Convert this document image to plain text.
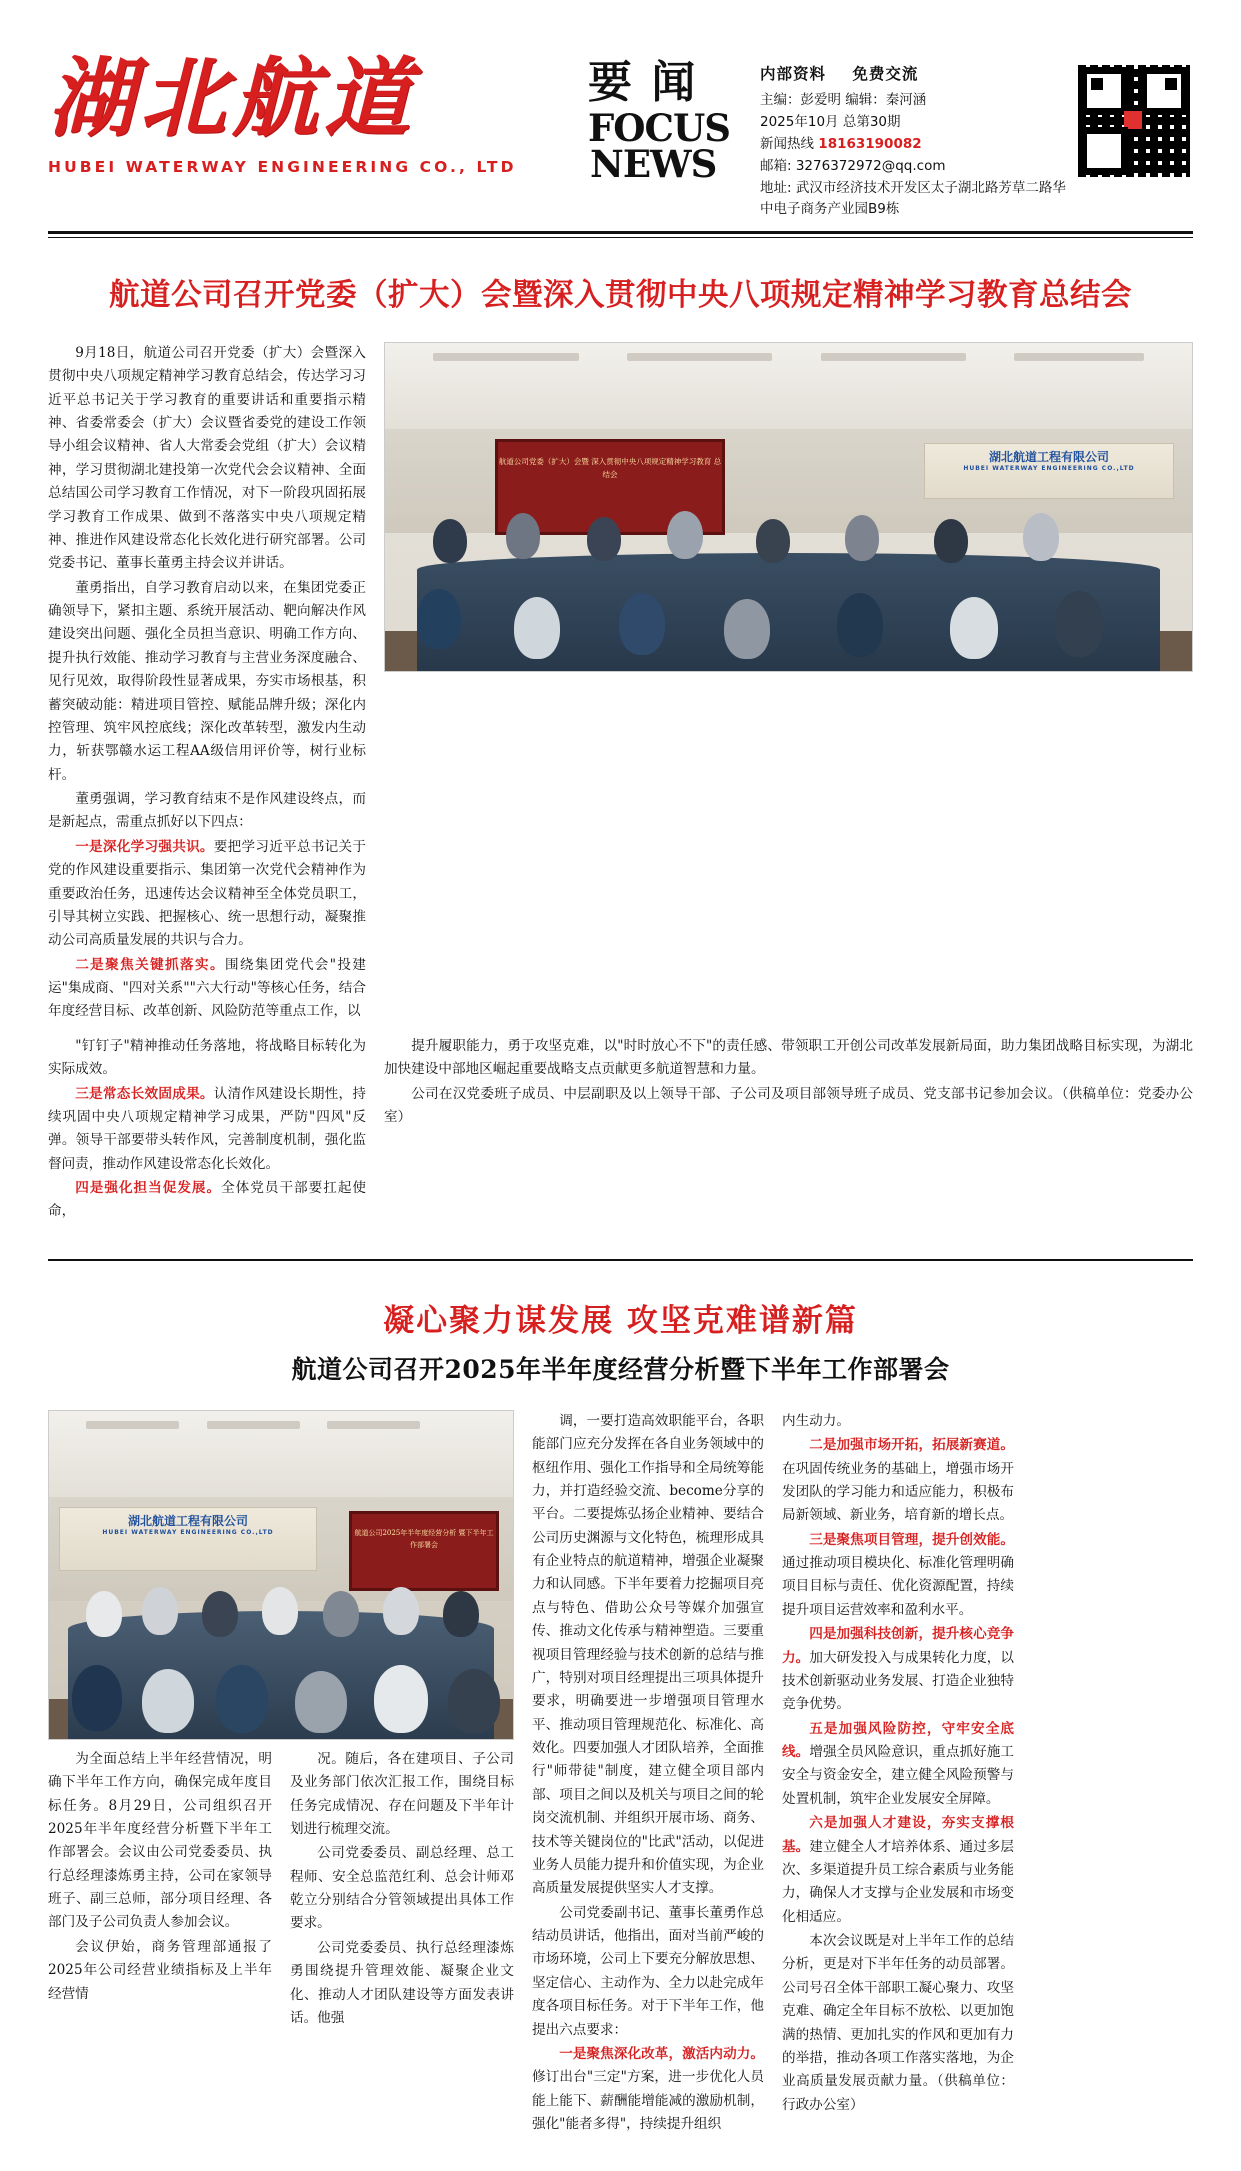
湖北航道
HUBEI WATERWAY ENGINEERING CO., LTD
要 闻
FOCUS
NEWS
内部资料 免费交流
主编：彭爱明 编辑：秦河涵
2025年10月 总第30期
新闻热线 18163190082
邮箱: 3276372972@qq.com
地址: 武汉市经济技术开发区太子湖北路芳草二路华中电子商务产业园B9栋
航道公司召开党委（扩大）会暨深入贯彻中央八项规定精神学习教育总结会

9月18日，航道公司召开党委（扩大）会暨深入贯彻中央八项规定精神学习教育总结会，传达学习习近平总书记关于学习教育的重要讲话和重要指示精神、省委常委会（扩大）会议暨省委党的建设工作领导小组会议精神、省人大常委会党组（扩大）会议精神，学习贯彻湖北建投第一次党代会会议精神、全面总结国公司学习教育工作情况，对下一阶段巩固拓展学习教育工作成果、做到不落落实中央八项规定精神、推进作风建设常态化长效化进行研究部署。公司党委书记、董事长董勇主持会议并讲话。

董勇指出，自学习教育启动以来，在集团党委正确领导下，紧扣主题、系统开展活动、靶向解决作风建设突出问题、强化全员担当意识、明确工作方向、提升执行效能、推动学习教育与主营业务深度融合、见行见效，取得阶段性显著成果，夯实市场根基，积蓄突破动能：精进项目管控、赋能品牌升级；深化内控管理、筑牢风控底线；深化改革转型，激发内生动力，斩获鄂赣水运工程AA级信用评价等，树行业标杆。

董勇强调，学习教育结束不是作风建设终点，而是新起点，需重点抓好以下四点：

一是深化学习强共识。要把学习近平总书记关于党的作风建设重要指示、集团第一次党代会精神作为重要政治任务，迅速传达会议精神至全体党员职工，引导其树立实践、把握核心、统一思想行动，凝聚推动公司高质量发展的共识与合力。

二是聚焦关键抓落实。围绕集团党代会"投建运"集成商、"四对关系""六大行动"等核心任务，结合年度经营目标、改革创新、风险防范等重点工作，以

航道公司党委（扩大）会暨 深入贯彻中央八项规定精神学习教育 总结会
湖北航道工程有限公司
HUBEI WATERWAY ENGINEERING CO.,LTD

"钉钉子"精神推动任务落地，将战略目标转化为实际成效。

三是常态长效固成果。认清作风建设长期性，持续巩固中央八项规定精神学习成果，严防"四风"反弹。领导干部要带头转作风，完善制度机制，强化监督问责，推动作风建设常态化长效化。

四是强化担当促发展。全体党员干部要扛起使命，

提升履职能力，勇于攻坚克难，以"时时放心不下"的责任感、带领职工开创公司改革发展新局面，助力集团战略目标实现，为湖北加快建设中部地区崛起重要战略支点贡献更多航道智慧和力量。

公司在汉党委班子成员、中层副职及以上领导干部、子公司及项目部领导班子成员、党支部书记参加会议。（供稿单位：党委办公室）

凝心聚力谋发展 攻坚克难谱新篇
航道公司召开2025年半年度经营分析暨下半年工作部署会
湖北航道工程有限公司
HUBEI WATERWAY ENGINEERING CO.,LTD	航道公司2025年半年度经营分析 暨下半年工作部署会

为全面总结上半年经营情况，明确下半年工作方向，确保完成年度目标任务。8月29日，公司组织召开2025年半年度经营分析暨下半年工作部署会。会议由公司党委委员、执行总经理漆炼勇主持，公司在家领导班子、副三总师，部分项目经理、各部门及子公司负责人参加会议。

会议伊始，商务管理部通报了2025年公司经营业绩指标及上半年经营情

况。随后，各在建项目、子公司及业务部门依次汇报工作，围绕目标任务完成情况、存在问题及下半年计划进行梳理交流。

公司党委委员、副总经理、总工程师、安全总监范红利、总会计师邓乾立分别结合分管领域提出具体工作要求。

公司党委委员、执行总经理漆炼勇围绕提升管理效能、凝聚企业文化、推动人才团队建设等方面发表讲话。他强

调，一要打造高效职能平台，各职能部门应充分发挥在各自业务领域中的枢纽作用、强化工作指导和全局统筹能力，并打造经验交流、become分享的平台。二要提炼弘扬企业精神、要结合公司历史渊源与文化特色，梳理形成具有企业特点的航道精神，增强企业凝聚力和认同感。下半年要着力挖掘项目亮点与特色、借助公众号等媒介加强宣传、推动文化传承与精神塑造。三要重视项目管理经验与技术创新的总结与推广，特别对项目经理提出三项具体提升要求，明确要进一步增强项目管理水平、推动项目管理规范化、标准化、高效化。四要加强人才团队培养，全面推行"师带徒"制度，建立健全项目部内部、项目之间以及机关与项目之间的轮岗交流机制、并组织开展市场、商务、技术等关键岗位的"比武"活动，以促进业务人员能力提升和价值实现，为企业高质量发展提供坚实人才支撑。

公司党委副书记、董事长董勇作总结动员讲话，他指出，面对当前严峻的市场环境，公司上下要充分解放思想、坚定信心、主动作为、全力以赴完成年度各项目标任务。对于下半年工作，他提出六点要求：

一是聚焦深化改革，激活内动力。修订出台"三定"方案，进一步优化人员能上能下、薪酬能增能减的激励机制，强化"能者多得"，持续提升组织

内生动力。

二是加强市场开拓，拓展新赛道。在巩固传统业务的基础上，增强市场开发团队的学习能力和适应能力，积极布局新领域、新业务，培育新的增长点。

三是聚焦项目管理，提升创效能。通过推动项目模块化、标准化管理明确项目目标与责任、优化资源配置，持续提升项目运营效率和盈利水平。

四是加强科技创新，提升核心竞争力。加大研发投入与成果转化力度，以技术创新驱动业务发展、打造企业独特竞争优势。

五是加强风险防控，守牢安全底线。增强全员风险意识，重点抓好施工安全与资金安全，建立健全风险预警与处置机制，筑牢企业发展安全屏障。

六是加强人才建设，夯实支撑根基。建立健全人才培养体系、通过多层次、多渠道提升员工综合素质与业务能力，确保人才支撑与企业发展和市场变化相适应。

本次会议既是对上半年工作的总结分析，更是对下半年任务的动员部署。公司号召全体干部职工凝心聚力、攻坚克难、确定全年目标不放松、以更加饱满的热情、更加扎实的作风和更加有力的举措，推动各项工作落实落地，为企业高质量发展贡献力量。（供稿单位：行政办公室）
